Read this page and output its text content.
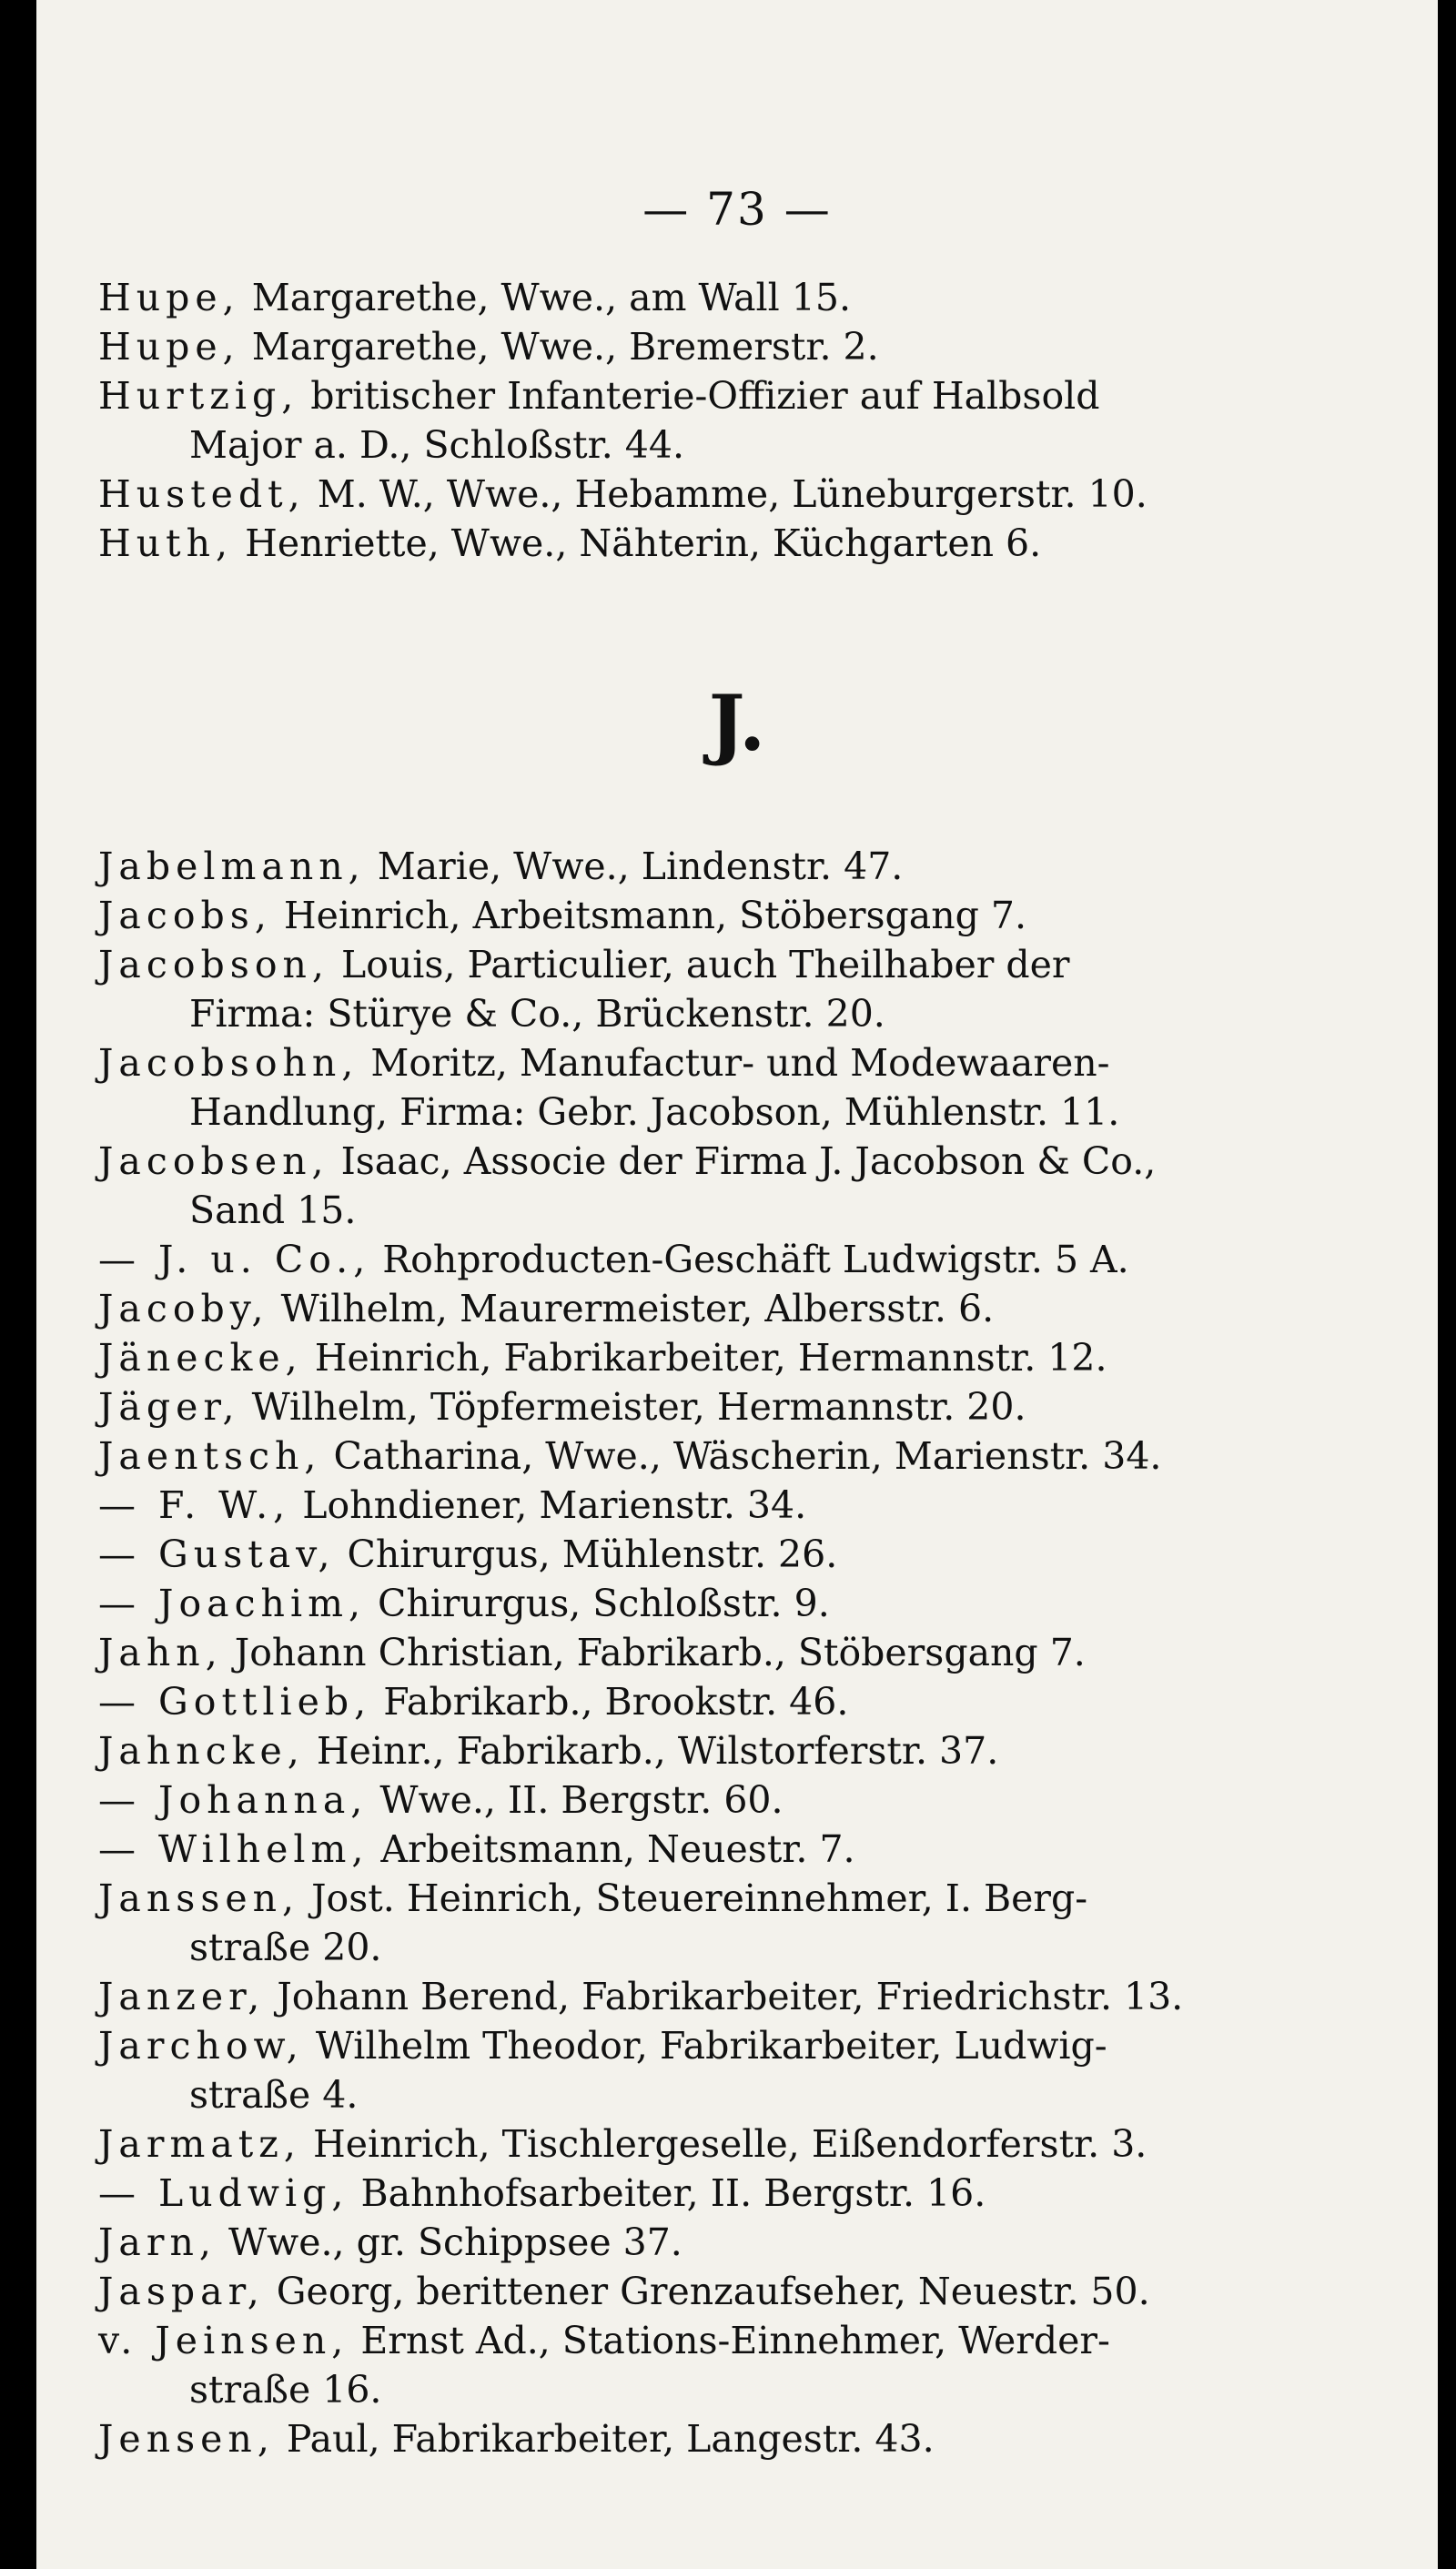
— 73 —
Hupe, Margarethe, Wwe., am Wall 15.
Hupe, Margarethe, Wwe., Bremerstr. 2.
Hurtzig, britischer Infanterie-Offizier auf Halbsold
Major a. D., Schloßstr. 44.
Hustedt, M. W., Wwe., Hebamme, Lüneburgerstr. 10.
Huth, Henriette, Wwe., Nähterin, Küchgarten 6.
J.
Jabelmann, Marie, Wwe., Lindenstr. 47.
Jacobs, Heinrich, Arbeitsmann, Stöbersgang 7.
Jacobson, Louis, Particulier, auch Theilhaber der
Firma: Stürye & Co., Brückenstr. 20.
Jacobsohn, Moritz, Manufactur- und Modewaaren-
Handlung, Firma: Gebr. Jacobson, Mühlenstr. 11.
Jacobsen, Isaac, Associe der Firma J. Jacobson & Co.,
Sand 15.
— J. u. Co., Rohproducten-Geschäft Ludwigstr. 5 A.
Jacoby, Wilhelm, Maurermeister, Albersstr. 6.
Jänecke, Heinrich, Fabrikarbeiter, Hermannstr. 12.
Jäger, Wilhelm, Töpfermeister, Hermannstr. 20.
Jaentsch, Catharina, Wwe., Wäscherin, Marienstr. 34.
— F. W., Lohndiener, Marienstr. 34.
— Gustav, Chirurgus, Mühlenstr. 26.
— Joachim, Chirurgus, Schloßstr. 9.
Jahn, Johann Christian, Fabrikarb., Stöbersgang 7.
— Gottlieb, Fabrikarb., Brookstr. 46.
Jahncke, Heinr., Fabrikarb., Wilstorferstr. 37.
— Johanna, Wwe., II. Bergstr. 60.
— Wilhelm, Arbeitsmann, Neuestr. 7.
Janssen, Jost. Heinrich, Steuereinnehmer, I. Berg-
straße 20.
Janzer, Johann Berend, Fabrikarbeiter, Friedrichstr. 13.
Jarchow, Wilhelm Theodor, Fabrikarbeiter, Ludwig-
straße 4.
Jarmatz, Heinrich, Tischlergeselle, Eißendorferstr. 3.
— Ludwig, Bahnhofsarbeiter, II. Bergstr. 16.
Jarn, Wwe., gr. Schippsee 37.
Jaspar, Georg, berittener Grenzaufseher, Neuestr. 50.
v. Jeinsen, Ernst Ad., Stations-Einnehmer, Werder-
straße 16.
Jensen, Paul, Fabrikarbeiter, Langestr. 43.
